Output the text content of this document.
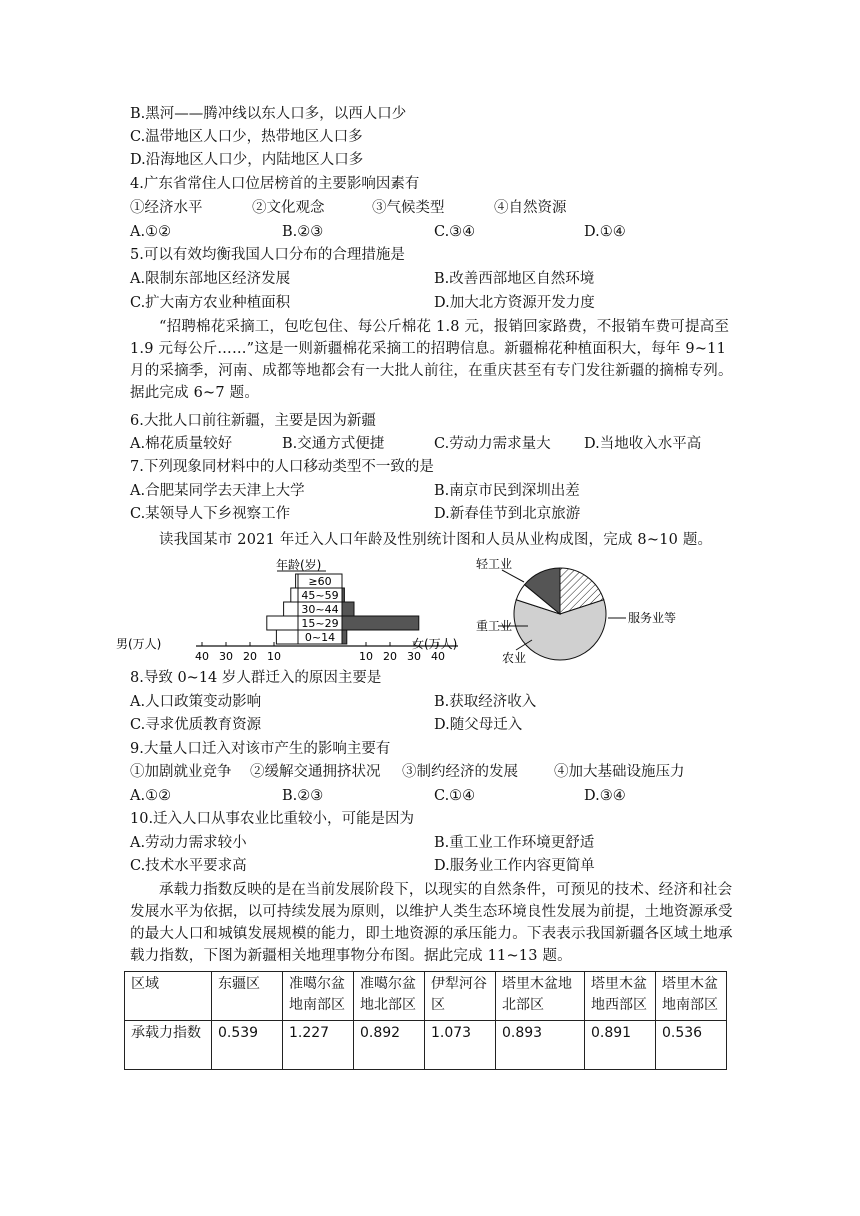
B.黑河——腾冲线以东人口多，以西人口少
C.温带地区人口少，热带地区人口多
D.沿海地区人口少，内陆地区人口多
4.广东省常住人口位居榜首的主要影响因素有
①经济水平	②文化观念	③气候类型	④自然资源
A.①②	B.②③	C.③④	D.①④
5.可以有效均衡我国人口分布的合理措施是
A.限制东部地区经济发展	B.改善西部地区自然环境
C.扩大南方农业种植面积	D.加大北方资源开发力度
“招聘棉花采摘工，包吃包住、每公斤棉花 1.8 元，报销回家路费，不报销车费可提高至 1.9 元每公斤……”这是一则新疆棉花采摘工的招聘信息。新疆棉花种植面积大，每年 9~11 月的采摘季，河南、成都等地都会有一大批人前往，在重庆甚至有专门发往新疆的摘棉专列。据此完成 6~7 题。
6.大批人口前往新疆，主要是因为新疆
A.棉花质量较好	B.交通方式便捷	C.劳动力需求量大 D.当地收入水平高
7.下列现象同材料中的人口移动类型不一致的是
A.合肥某同学去天津上大学	B.南京市民到深圳出差
C.某领导人下乡视察工作	D.新春佳节到北京旅游
读我国某市 2021 年迁入人口年龄及性别统计图和人员从业构成图，完成 8~10 题。
年龄(岁)
≥60
45~59
30~44
15~29
0~14
40 30 20 10	10 20 30 40
男(万人)	女(万人)
轻工业
重工业
农业
服务业等
8.导致 0~14 岁人群迁入的原因主要是
A.人口政策变动影响	B.获取经济收入
C.寻求优质教育资源	D.随父母迁入
9.大量人口迁入对该市产生的影响主要有
①加剧就业竞争 ②缓解交通拥挤状况 ③制约经济的发展 ④加大基础设施压力
A.①②	B.②③	C.①④	D.③④
10.迁入人口从事农业比重较小，可能是因为
A.劳动力需求较小	B.重工业工作环境更舒适
C.技术水平要求高	D.服务业工作内容更简单
承载力指数反映的是在当前发展阶段下，以现实的自然条件，可预见的技术、经济和社会发展水平为依据，以可持续发展为原则，以维护人类生态环境良性发展为前提，土地资源承受的最大人口和城镇发展规模的能力，即土地资源的承压能力。下表表示我国新疆各区域土地承载力指数，下图为新疆相关地理事物分布图。据此完成 11~13 题。
区域	东疆区	准噶尔盆地南部区	准噶尔盆地北部区	伊犁河谷区	塔里木盆地北部区	塔里木盆地西部区	塔里木盆地南部区
承载力指数	0.539	1.227	0.892	1.073	0.893	0.891	0.536
